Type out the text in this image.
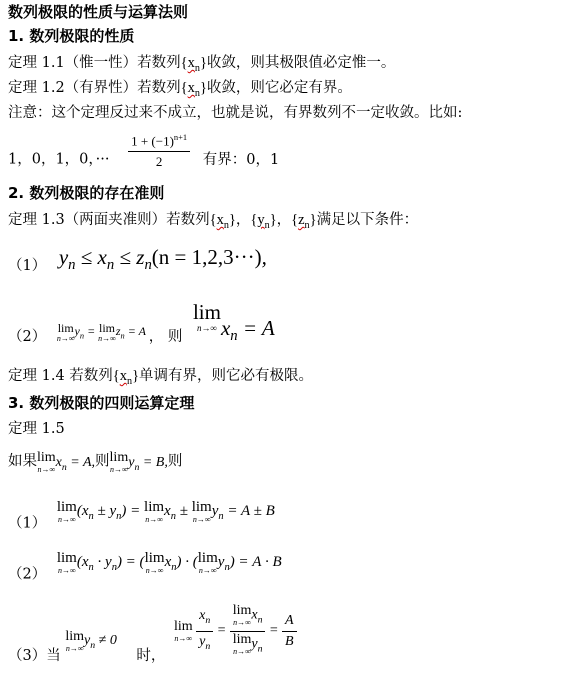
数列极限的性质与运算法则
1. 数列极限的性质
定理 1.1（惟一性）若数列$\{x_n\}$收敛，则其极限值必定惟一。
定理 1.2（有界性）若数列$\{x_n\}$收敛，则它必定有界。
注意：这个定理反过来不成立，也就是说，有界数列不一定收敛。比如:
1，0，1，0，··· $\frac{1 + (-1)^{n+1}}{2}$ 有界：0，1
2. 数列极限的存在准则
定理 1.3（两面夹准则）若数列$\{x_n\}$，$\{y_n\}$，$\{z_n\}$满足以下条件：
（1） $y_n \le x_n \le z_n(n = 1,2,3\cdot\cdot\cdot)$,
（2）
lim
n→∞
$y_n = \lim$
n→∞
$z_n = A$ ， 则
lim
n→∞ $x_n = A$
定理 1.4 若数列$\{x_n\}$单调有界，则它必有极限。
3. 数列极限的四则运算定理
定理 1.5
如果 lim
n→∞ $x_n = A$,则 lim
n→∞ $y_n = B$,则
（1）
lim
n→∞
$(x_n \pm y_n) = \lim$
n→∞
$x_n \pm \lim$
n→∞
$y_n = A \pm B$
（2）
lim
n→∞
$(x_n \cdot y_n)$ = ( lim
n→∞
$x_n$) · ( lim
n→∞
$y_n) = A \cdot B$
（3）当
lim
n→∞ $y_n \ne 0$ 时，
lim
n→∞
$\frac{x_n}{y_n} = \lim$
n→∞ $x_n$
lim
n→∞ $y_n = \frac{A}{B}$
